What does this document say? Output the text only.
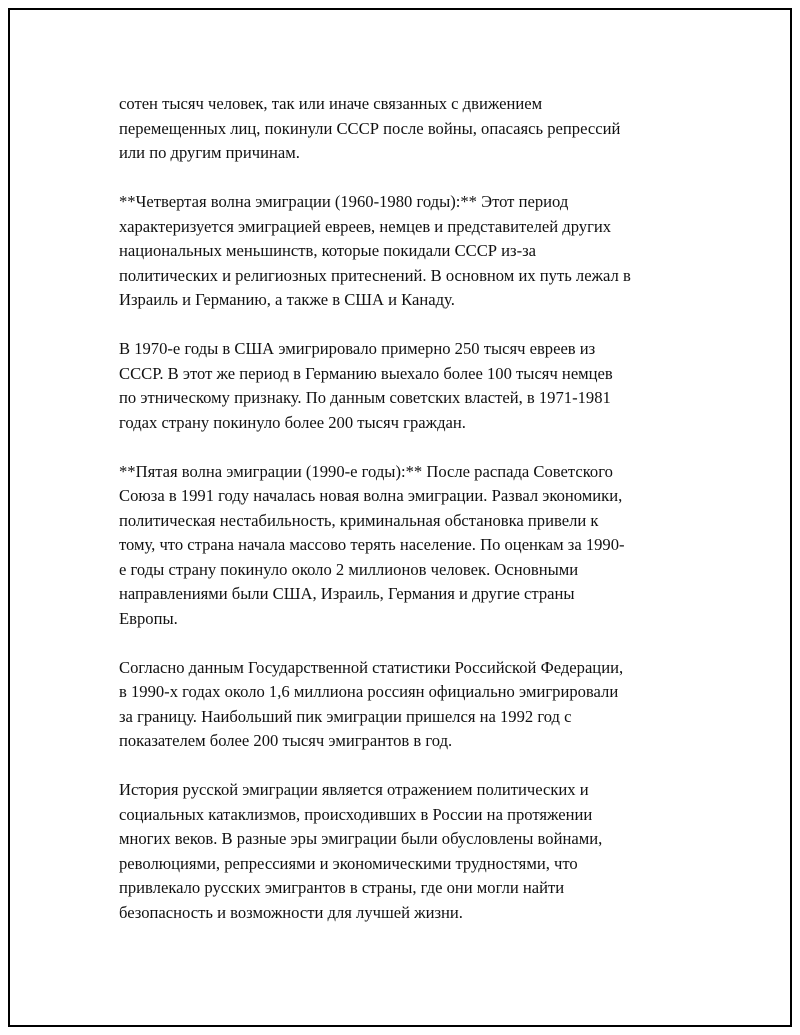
сотен тысяч человек, так или иначе связанных с движением
перемещенных лиц, покинули СССР после войны, опасаясь репрессий
или по другим причинам.

**Четвертая волна эмиграции (1960-1980 годы):** Этот период
характеризуется эмиграцией евреев, немцев и представителей других
национальных меньшинств, которые покидали СССР из-за
политических и религиозных притеснений. В основном их путь лежал в
Израиль и Германию, а также в США и Канаду.

В 1970-е годы в США эмигрировало примерно 250 тысяч евреев из
СССР. В этот же период в Германию выехало более 100 тысяч немцев
по этническому признаку. По данным советских властей, в 1971-1981
годах страну покинуло более 200 тысяч граждан.

**Пятая волна эмиграции (1990-е годы):** После распада Советского
Союза в 1991 году началась новая волна эмиграции. Развал экономики,
политическая нестабильность, криминальная обстановка привели к
тому, что страна начала массово терять население. По оценкам за 1990-
е годы страну покинуло около 2 миллионов человек. Основными
направлениями были США, Израиль, Германия и другие страны
Европы.

Согласно данным Государственной статистики Российской Федерации,
в 1990-х годах около 1,6 миллиона россиян официально эмигрировали
за границу. Наибольший пик эмиграции пришелся на 1992 год с
показателем более 200 тысяч эмигрантов в год.

История русской эмиграции является отражением политических и
социальных катаклизмов, происходивших в России на протяжении
многих веков. В разные эры эмиграции были обусловлены войнами,
революциями, репрессиями и экономическими трудностями, что
привлекало русских эмигрантов в страны, где они могли найти
безопасность и возможности для лучшей жизни.
